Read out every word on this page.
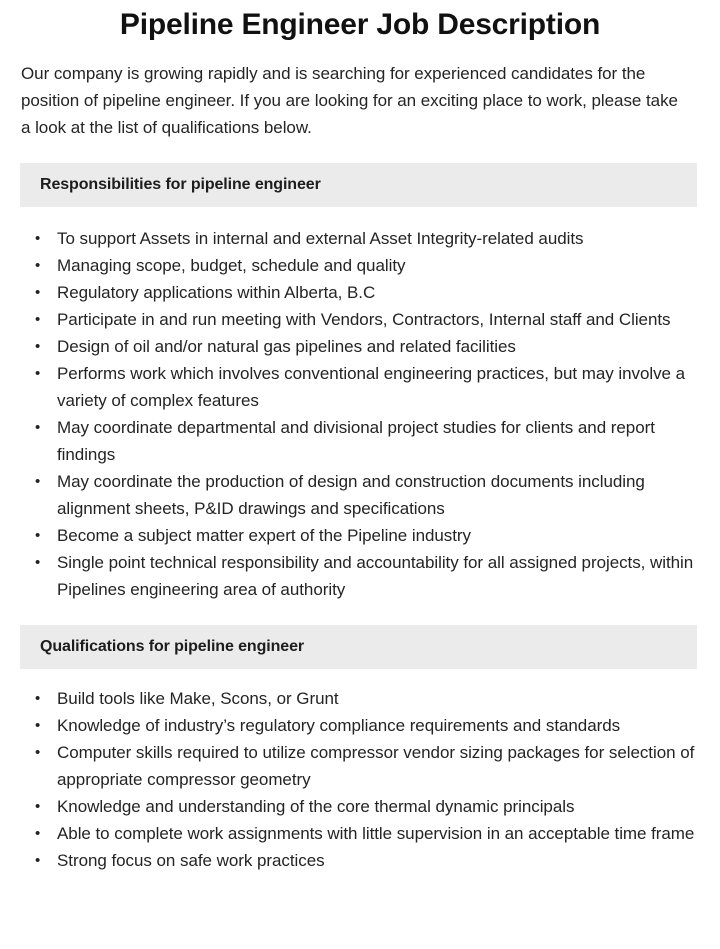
Pipeline Engineer Job Description

Our company is growing rapidly and is searching for experienced candidates for the position of pipeline engineer. If you are looking for an exciting place to work, please take a look at the list of qualifications below.

Responsibilities for pipeline engineer
• To support Assets in internal and external Asset Integrity-related audits
• Managing scope, budget, schedule and quality
• Regulatory applications within Alberta, B.C
• Participate in and run meeting with Vendors, Contractors, Internal staff and Clients
• Design of oil and/or natural gas pipelines and related facilities
• Performs work which involves conventional engineering practices, but may involve a variety of complex features
• May coordinate departmental and divisional project studies for clients and report findings
• May coordinate the production of design and construction documents including alignment sheets, P&ID drawings and specifications
• Become a subject matter expert of the Pipeline industry
• Single point technical responsibility and accountability for all assigned projects, within Pipelines engineering area of authority
Qualifications for pipeline engineer
• Build tools like Make, Scons, or Grunt
• Knowledge of industry’s regulatory compliance requirements and standards
• Computer skills required to utilize compressor vendor sizing packages for selection of appropriate compressor geometry
• Knowledge and understanding of the core thermal dynamic principals
• Able to complete work assignments with little supervision in an acceptable time frame
• Strong focus on safe work practices
